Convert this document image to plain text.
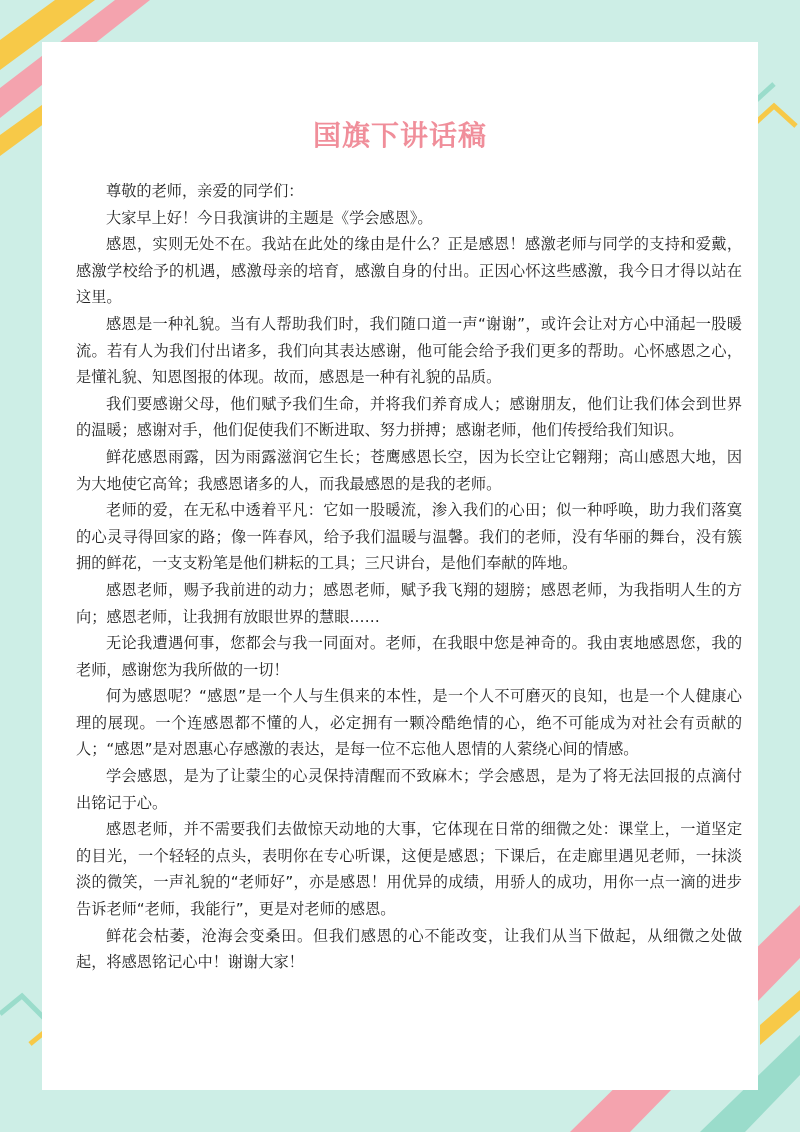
国旗下讲话稿

尊敬的老师，亲爱的同学们：

大家早上好！今日我演讲的主题是《学会感恩》。

感恩，实则无处不在。我站在此处的缘由是什么？正是感恩！感激老师与同学的支持和爱戴，感激学校给予的机遇，感激母亲的培育，感激自身的付出。正因心怀这些感激，我今日才得以站在这里。

感恩是一种礼貌。当有人帮助我们时，我们随口道一声“谢谢”，或许会让对方心中涌起一股暖流。若有人为我们付出诸多，我们向其表达感谢，他可能会给予我们更多的帮助。心怀感恩之心，是懂礼貌、知恩图报的体现。故而，感恩是一种有礼貌的品质。

我们要感谢父母，他们赋予我们生命，并将我们养育成人；感谢朋友，他们让我们体会到世界的温暖；感谢对手，他们促使我们不断进取、努力拼搏；感谢老师，他们传授给我们知识。

鲜花感恩雨露，因为雨露滋润它生长；苍鹰感恩长空，因为长空让它翱翔；高山感恩大地，因为大地使它高耸；我感恩诸多的人，而我最感恩的是我的老师。

老师的爱，在无私中透着平凡：它如一股暖流，渗入我们的心田；似一种呼唤，助力我们落寞的心灵寻得回家的路；像一阵春风，给予我们温暖与温馨。我们的老师，没有华丽的舞台，没有簇拥的鲜花，一支支粉笔是他们耕耘的工具；三尺讲台，是他们奉献的阵地。

感恩老师，赐予我前进的动力；感恩老师，赋予我飞翔的翅膀；感恩老师，为我指明人生的方向；感恩老师，让我拥有放眼世界的慧眼……

无论我遭遇何事，您都会与我一同面对。老师，在我眼中您是神奇的。我由衷地感恩您，我的老师，感谢您为我所做的一切！

何为感恩呢？“感恩”是一个人与生俱来的本性，是一个人不可磨灭的良知，也是一个人健康心理的展现。一个连感恩都不懂的人，必定拥有一颗冷酷绝情的心，绝不可能成为对社会有贡献的人；“感恩”是对恩惠心存感激的表达，是每一位不忘他人恩情的人萦绕心间的情感。

学会感恩，是为了让蒙尘的心灵保持清醒而不致麻木；学会感恩，是为了将无法回报的点滴付出铭记于心。

感恩老师，并不需要我们去做惊天动地的大事，它体现在日常的细微之处：课堂上，一道坚定的目光，一个轻轻的点头，表明你在专心听课，这便是感恩；下课后，在走廊里遇见老师，一抹淡淡的微笑，一声礼貌的“老师好”，亦是感恩！用优异的成绩，用骄人的成功，用你一点一滴的进步告诉老师“老师，我能行”，更是对老师的感恩。

鲜花会枯萎，沧海会变桑田。但我们感恩的心不能改变，让我们从当下做起，从细微之处做起，将感恩铭记心中！谢谢大家！
